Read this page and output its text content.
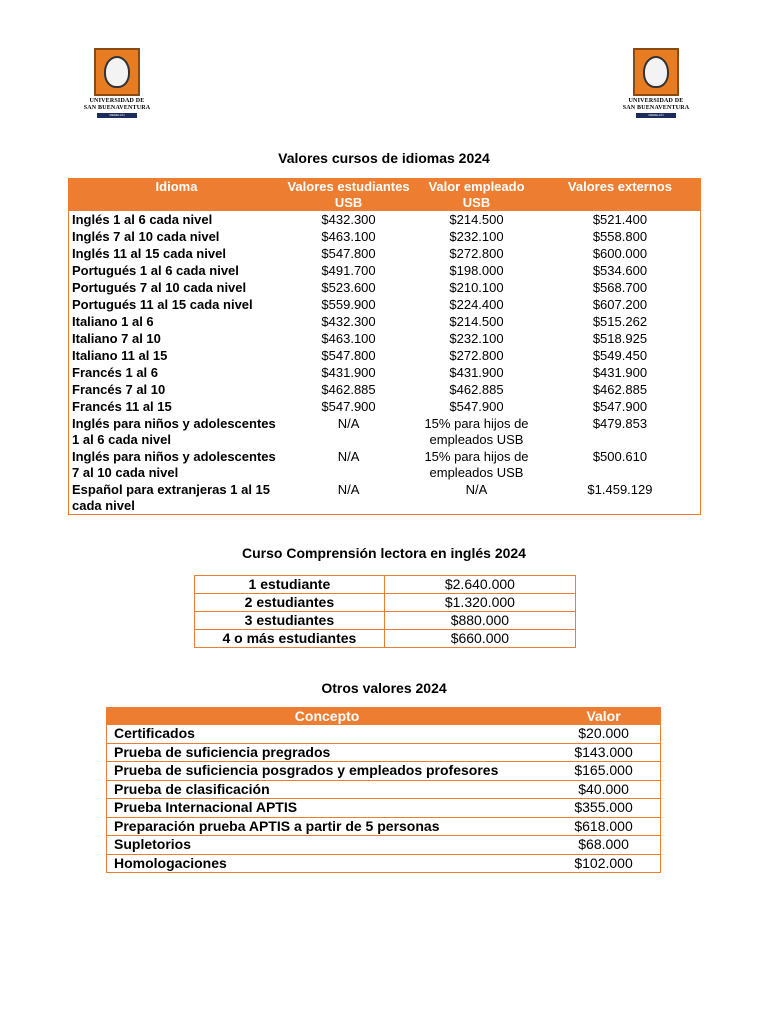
UNIVERSIDAD DE
SAN BUENAVENTURA
MEDELLÍN
UNIVERSIDAD DE
SAN BUENAVENTURA
MEDELLÍN
Valores cursos de idiomas 2024
Idioma	Valores estudiantes USB	Valor empleado USB	Valores externos
Inglés 1 al 6 cada nivel	$432.300	$214.500	$521.400
Inglés 7 al 10 cada nivel	$463.100	$232.100	$558.800
Inglés 11 al 15 cada nivel	$547.800	$272.800	$600.000
Portugués 1 al 6 cada nivel	$491.700	$198.000	$534.600
Portugués 7 al 10 cada nivel	$523.600	$210.100	$568.700
Portugués 11 al 15 cada nivel	$559.900	$224.400	$607.200
Italiano 1 al 6	$432.300	$214.500	$515.262
Italiano 7 al 10	$463.100	$232.100	$518.925
Italiano 11 al 15	$547.800	$272.800	$549.450
Francés 1 al 6	$431.900	$431.900	$431.900
Francés 7 al 10	$462.885	$462.885	$462.885
Francés 11 al 15	$547.900	$547.900	$547.900
Inglés para niños y adolescentes 1 al 6 cada nivel	N/A	15% para hijos de empleados USB	$479.853
Inglés para niños y adolescentes 7 al 10 cada nivel	N/A	15% para hijos de empleados USB	$500.610
Español para extranjeras 1 al 15 cada nivel	N/A	N/A	$1.459.129
Curso Comprensión lectora en inglés 2024
1 estudiante	$2.640.000
2 estudiantes	$1.320.000
3 estudiantes	$880.000
4 o más estudiantes	$660.000
Otros valores 2024
Concepto	Valor
Certificados	$20.000
Prueba de suficiencia pregrados	$143.000
Prueba de suficiencia posgrados y empleados profesores	$165.000
Prueba de clasificación	$40.000
Prueba Internacional APTIS	$355.000
Preparación prueba APTIS a partir de 5 personas	$618.000
Supletorios	$68.000
Homologaciones	$102.000
